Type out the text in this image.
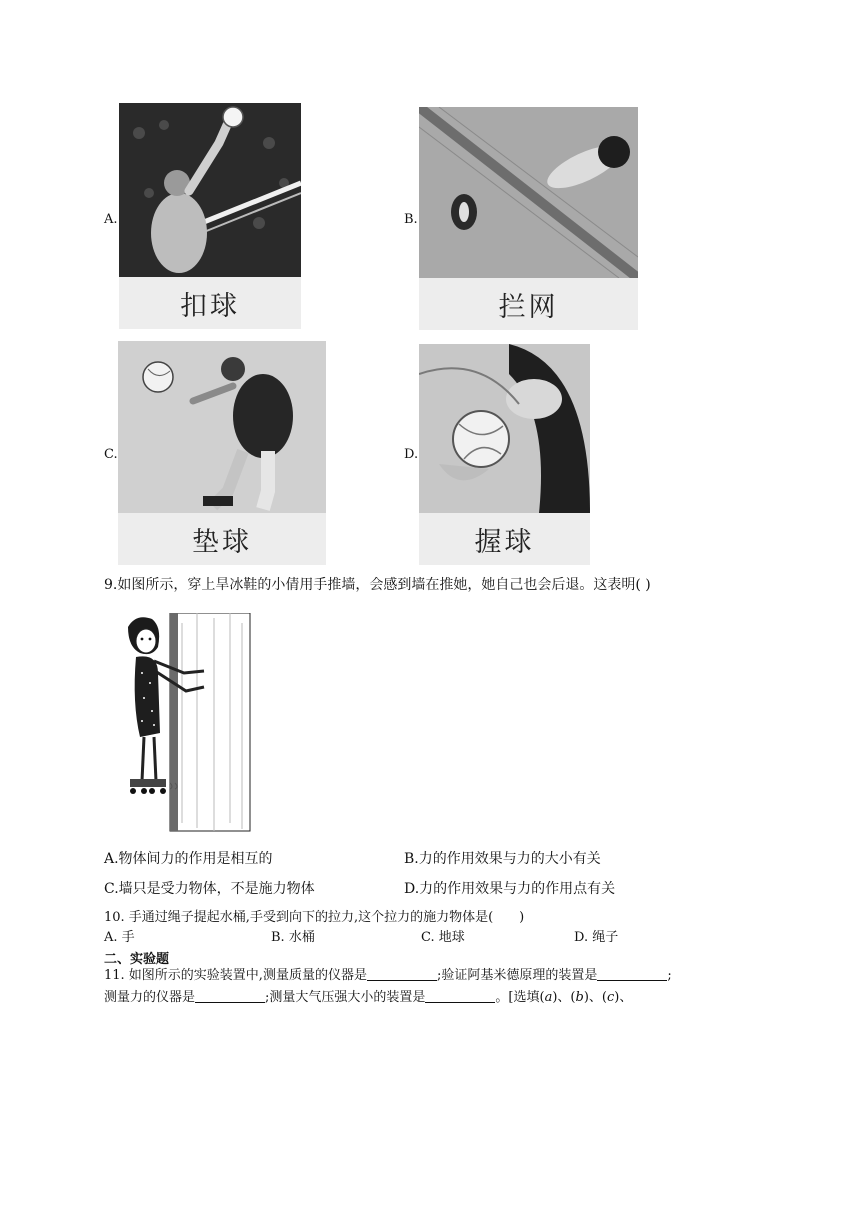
A.
扣球
B.
拦网
C.
垫球
D.
握球
9.如图所示，穿上旱冰鞋的小倩用手推墙，会感到墙在推她，她自己也会后退。这表明( )
A.物体间力的作用是相互的	B.力的作用效果与力的大小有关
C.墙只是受力物体，不是施力物体	D.力的作用效果与力的作用点有关
10. 手通过绳子提起水桶,手受到向下的拉力,这个拉力的施力物体是(　　)
A. 手	B. 水桶	C. 地球	D. 绳子
二、实验题
11. 如图所示的实验装置中,测量质量的仪器是	;验证阿基米德原理的装置是	;
测量力的仪器是	;测量大气压强大小的装置是	。[选填(a)、(b)、(c)、
